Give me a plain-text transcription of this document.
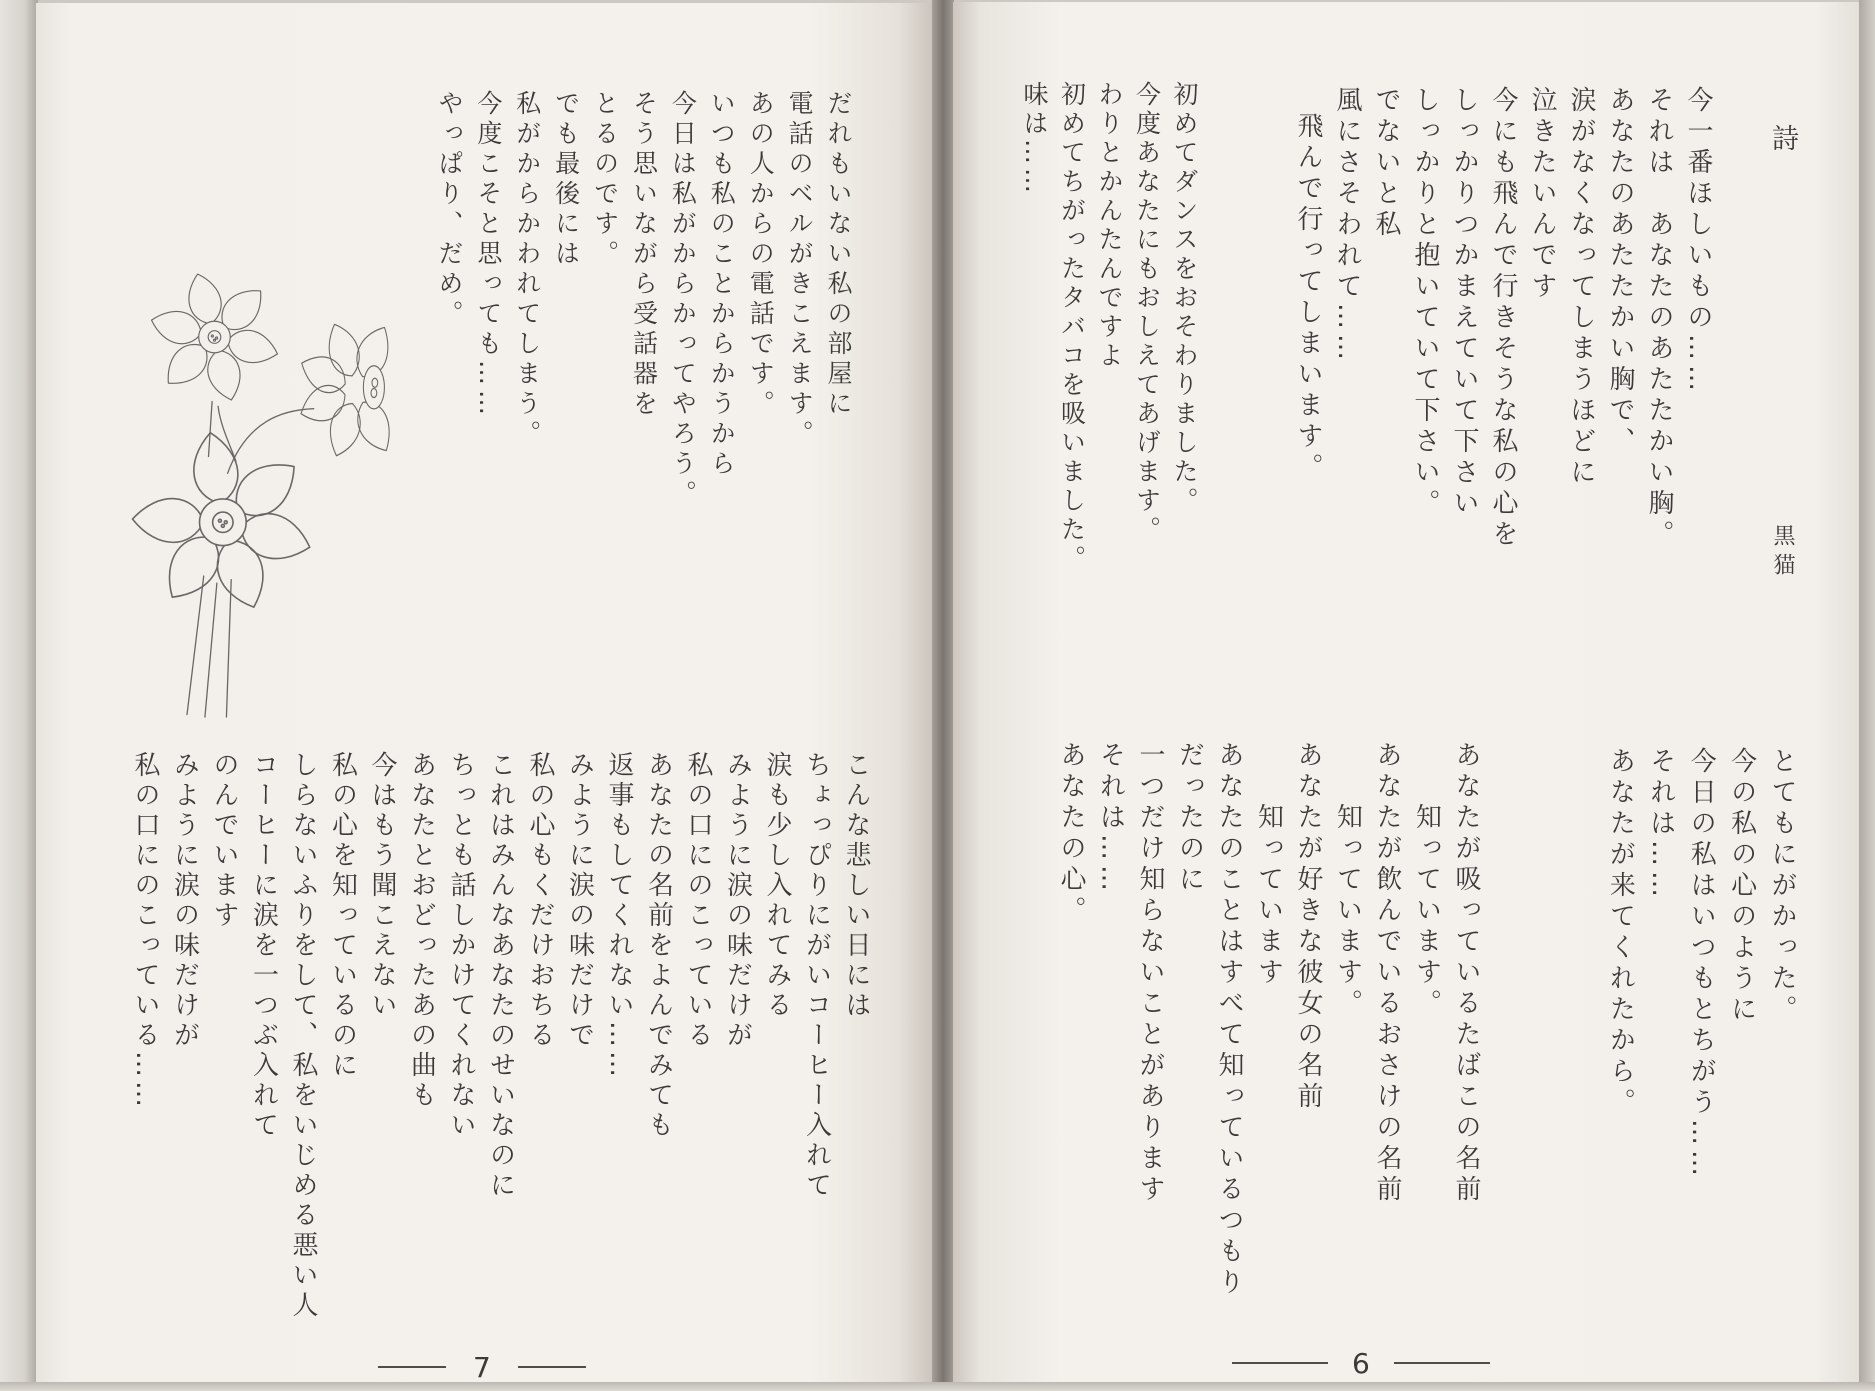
詩
黒猫
今一番ほしいもの……
それは　あなたのあたたかい胸。
あなたのあたたかい胸で、
涙がなくなってしまうほどに
泣きたいんです
今にも飛んで行きそうな私の心を
しっかりつかまえていて下さい
しっかりと抱いていて下さい。
でないと私
風にさそわれて……
飛んで行ってしまいます。
初めてダンスをおそわりました。
今度あなたにもおしえてあげます。
わりとかんたんですよ
初めてちがったタバコを吸いました。
味は……
とてもにがかった。
今の私の心のように
今日の私はいつもとちがう……
それは……
あなたが来てくれたから。
あなたが吸っているたばこの名前
知っています。
あなたが飲んでいるおさけの名前
知っています。
あなたが好きな彼女の名前
知っています
あなたのことはすべて知っているつもり
だったのに
一つだけ知らないことがあります
それは……
あなたの心。
6
だれもいない私の部屋に
電話のベルがきこえます。
あの人からの電話です。
いつも私のことからかうから
今日は私がからかってやろう。
そう思いながら受話器を
とるのです。
でも最後には
私がからかわれてしまう。
今度こそと思っても……
やっぱり、だめ。
こんな悲しい日には
ちょっぴりにがいコーヒー入れて
涙も少し入れてみる
みように涙の味だけが
私の口にのこっている
あなたの名前をよんでみても
返事もしてくれない……
みように涙の味だけで
私の心もくだけおちる
これはみんなあなたのせいなのに
ちっとも話しかけてくれない
あなたとおどったあの曲も
今はもう聞こえない
私の心を知っているのに
しらないふりをして、私をいじめる悪い人
コーヒーに涙を一つぶ入れて
のんでいます
みように涙の味だけが
私の口にのこっている……
7
